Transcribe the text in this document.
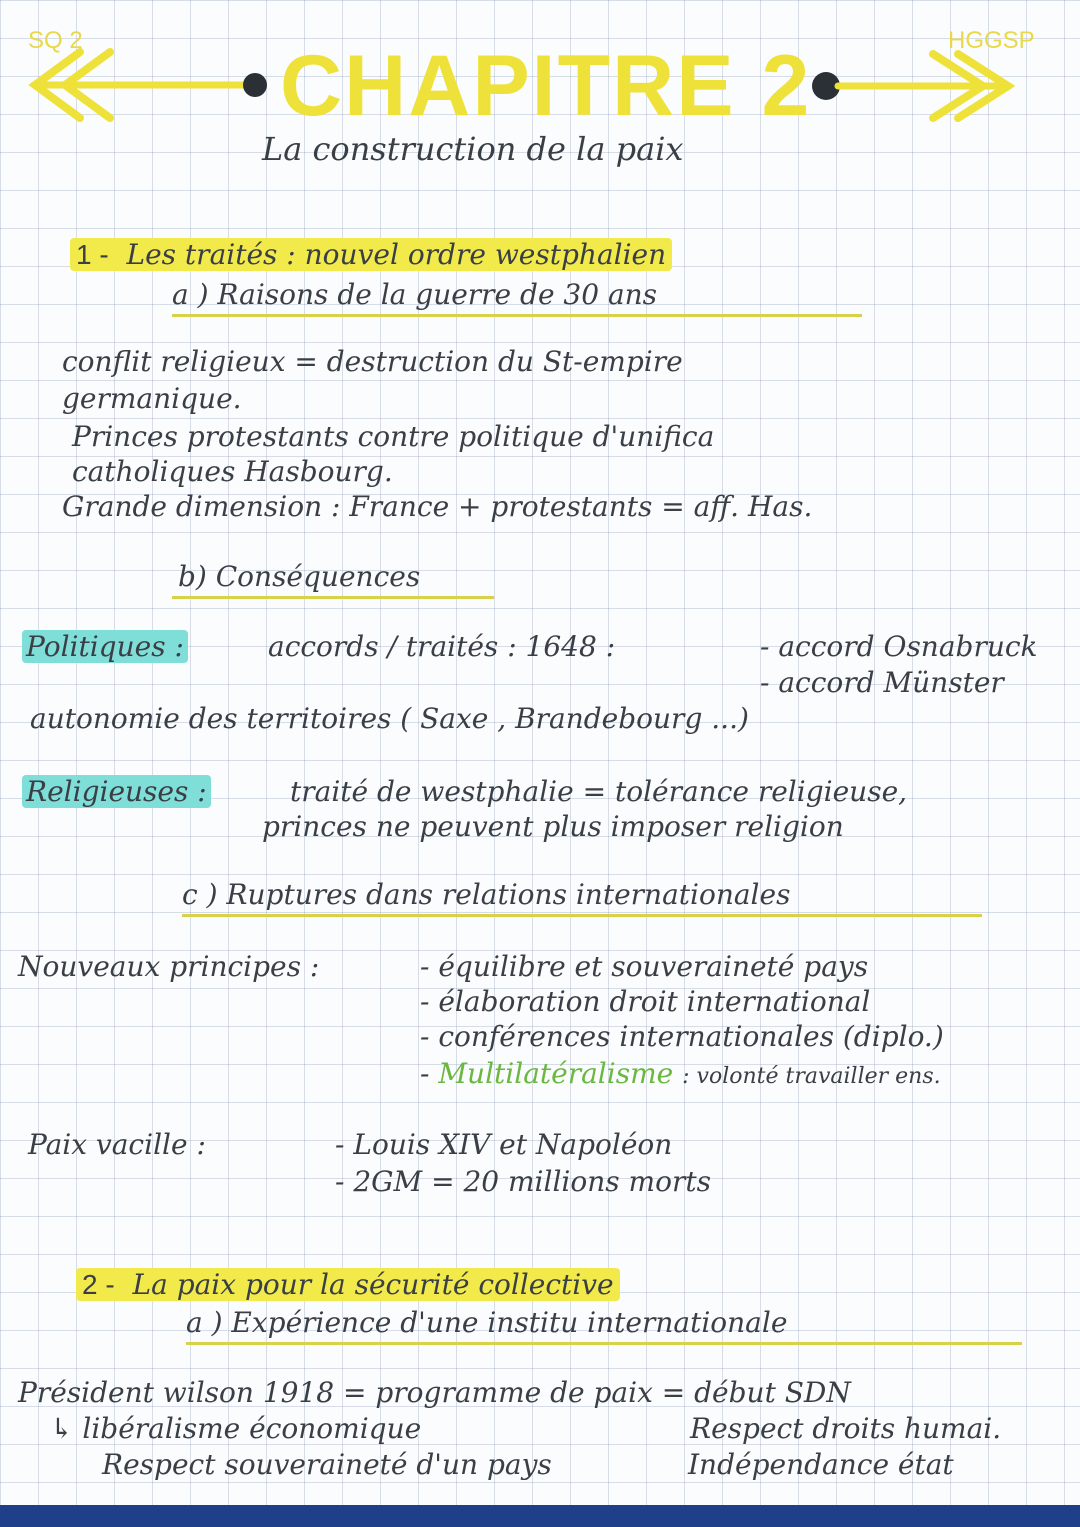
SQ 2	HGGSP
CHAPITRE 2
La construction de la paix
1 - Les traités : nouvel ordre westphalien
a ) Raisons de la guerre de 30 ans
conflit religieux = destruction du St-empire
germanique.
Princes protestants contre politique d'unifica
catholiques Hasbourg.
Grande dimension : France + protestants = aff. Has.
b) Conséquences
Politiques :	accords / traités : 1648 :	- accord Osnabruck
- accord Münster
autonomie des territoires ( Saxe , Brandebourg ...)
Religieuses :	traité de westphalie = tolérance religieuse,
princes ne peuvent plus imposer religion
c ) Ruptures dans relations internationales
Nouveaux principes :	- équilibre et souveraineté pays
- élaboration droit international
- conférences internationales (diplo.)
- Multilatéralisme : volonté travailler ens.
Paix vacille :	- Louis XIV et Napoléon
- 2GM = 20 millions morts
2 - La paix pour la sécurité collective
a ) Expérience d'une institu internationale
Président wilson 1918 = programme de paix = début SDN
↳ libéralisme économique	Respect droits humai.
Respect souveraineté d'un pays	Indépendance état
